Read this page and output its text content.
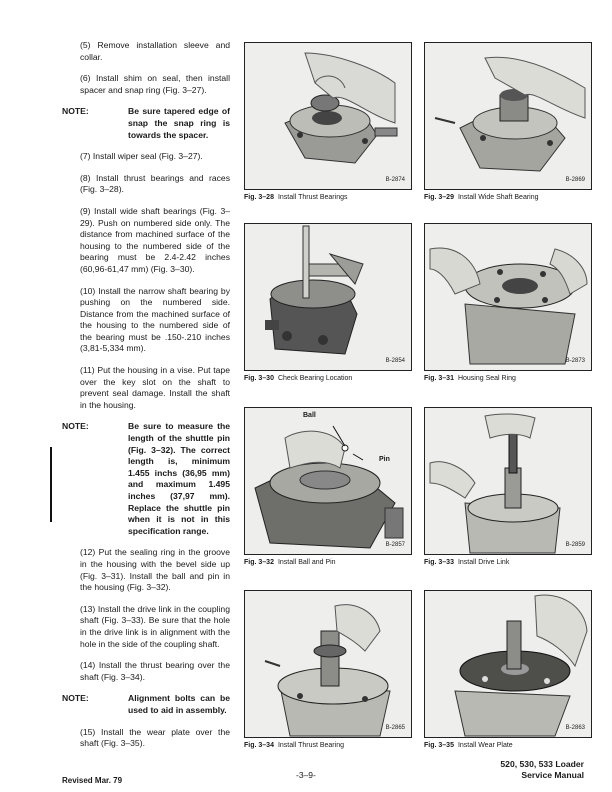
(5) Remove installation sleeve and collar.

(6) Install shim on seal, then install spacer and snap ring (Fig. 3–27).

NOTE:	Be sure tapered edge of snap the snap ring is towards the spacer.

(7) Install wiper seal (Fig. 3–27).

(8) Install thrust bearings and races (Fig. 3–28).

(9) Install wide shaft bearings (Fig. 3–29). Push on numbered side only. The distance from machined surface of the housing to the numbered side of the bearing must be 2.4-2.42 inches (60,96-61,47 mm) (Fig. 3–30).

(10) Install the narrow shaft bearing by pushing on the numbered side. Distance from the machined surface of the housing to the numbered side of the bearing must be .150-.210 inches (3,81-5,334 mm).

(11) Put the housing in a vise. Put tape over the key slot on the shaft to prevent seal damage. Install the shaft in the housing.

NOTE:	Be sure to measure the length of the shuttle pin (Fig. 3–32). The correct length is, minimum 1.455 inchs (36,95 mm) and maximum 1.495 inches (37,97 mm). Replace the shuttle pin when it is not in this specification range.

(12) Put the sealing ring in the groove in the housing with the bevel side up (Fig. 3–31). Install the ball and pin in the housing (Fig. 3–32).

(13) Install the drive link in the coupling shaft (Fig. 3–33). Be sure that the hole in the drive link is in alignment with the hole in the side of the coupling shaft.

(14) Install the thrust bearing over the shaft (Fig. 3–34).

NOTE:	Alignment bolts can be used to aid in assembly.

(15) Install the wear plate over the shaft (Fig. 3–35).

B-2874
Fig. 3–28 Install Thrust Bearings
B-2869
Fig. 3–29 Install Wide Shaft Bearing
B-2854
Fig. 3–30 Check Bearing Location
B-2873
Fig. 3–31 Housing Seal Ring
Ball
Pin
B-2857
Fig. 3–32 Install Ball and Pin
B-2859
Fig. 3–33 Install Drive Link
B-2865
Fig. 3–34 Install Thrust Bearing
B-2863
Fig. 3–35 Install Wear Plate
Revised Mar. 79
-3–9-
520, 530, 533 Loader
Service Manual
